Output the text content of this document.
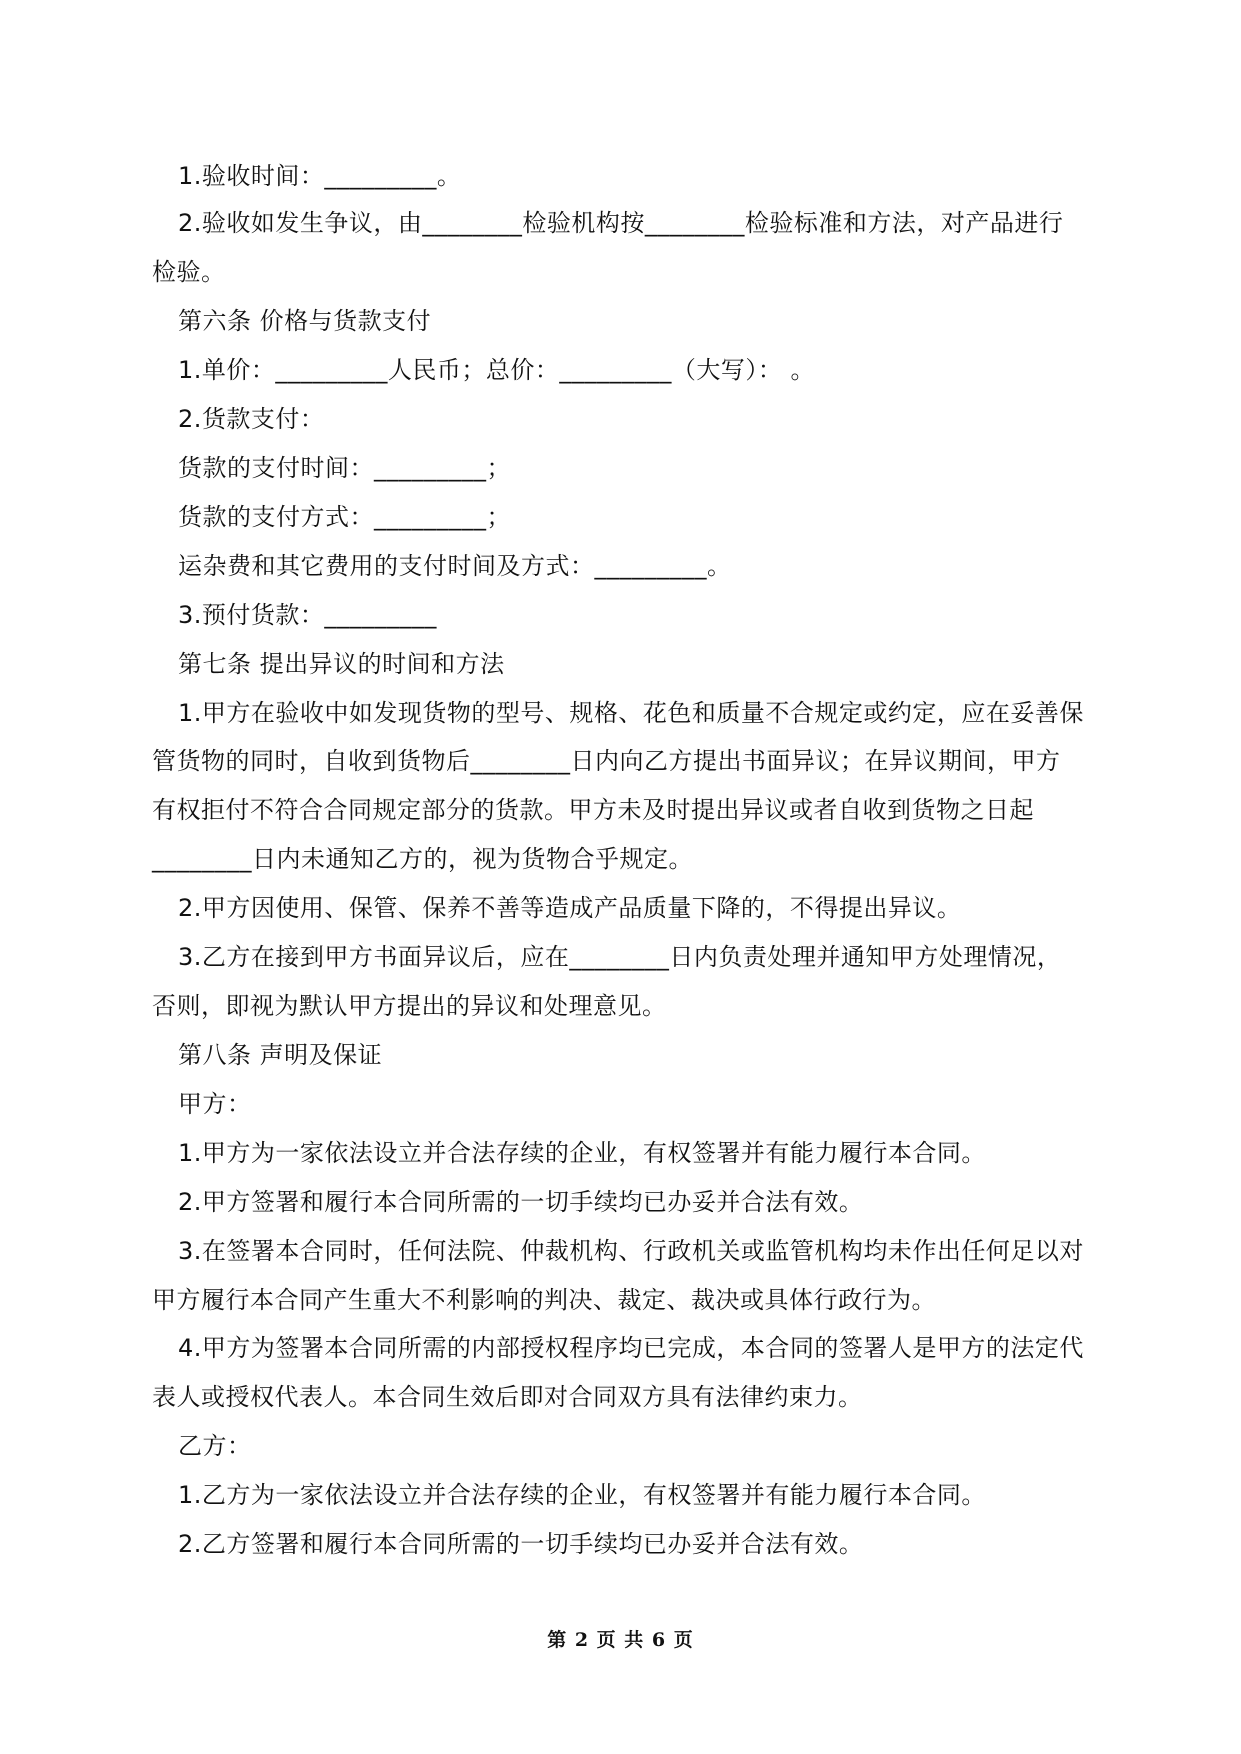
1.验收时间：_________。
2.验收如发生争议，由________检验机构按________检验标准和方法，对产品进行
检验。
第六条 价格与货款支付
1.单价：_________人民币；总价：_________（大写）： 。
2.货款支付：
货款的支付时间：_________；
货款的支付方式：_________；
运杂费和其它费用的支付时间及方式：_________。
3.预付货款：_________
第七条 提出异议的时间和方法
1.甲方在验收中如发现货物的型号、规格、花色和质量不合规定或约定，应在妥善保
管货物的同时，自收到货物后________日内向乙方提出书面异议；在异议期间，甲方
有权拒付不符合合同规定部分的货款。甲方未及时提出异议或者自收到货物之日起
________日内未通知乙方的，视为货物合乎规定。
2.甲方因使用、保管、保养不善等造成产品质量下降的，不得提出异议。
3.乙方在接到甲方书面异议后，应在________日内负责处理并通知甲方处理情况，
否则，即视为默认甲方提出的异议和处理意见。
第八条 声明及保证
甲方：
1.甲方为一家依法设立并合法存续的企业，有权签署并有能力履行本合同。
2.甲方签署和履行本合同所需的一切手续均已办妥并合法有效。
3.在签署本合同时，任何法院、仲裁机构、行政机关或监管机构均未作出任何足以对
甲方履行本合同产生重大不利影响的判决、裁定、裁决或具体行政行为。
4.甲方为签署本合同所需的内部授权程序均已完成，本合同的签署人是甲方的法定代
表人或授权代表人。本合同生效后即对合同双方具有法律约束力。
乙方：
1.乙方为一家依法设立并合法存续的企业，有权签署并有能力履行本合同。
2.乙方签署和履行本合同所需的一切手续均已办妥并合法有效。
第 2 页 共 6 页
